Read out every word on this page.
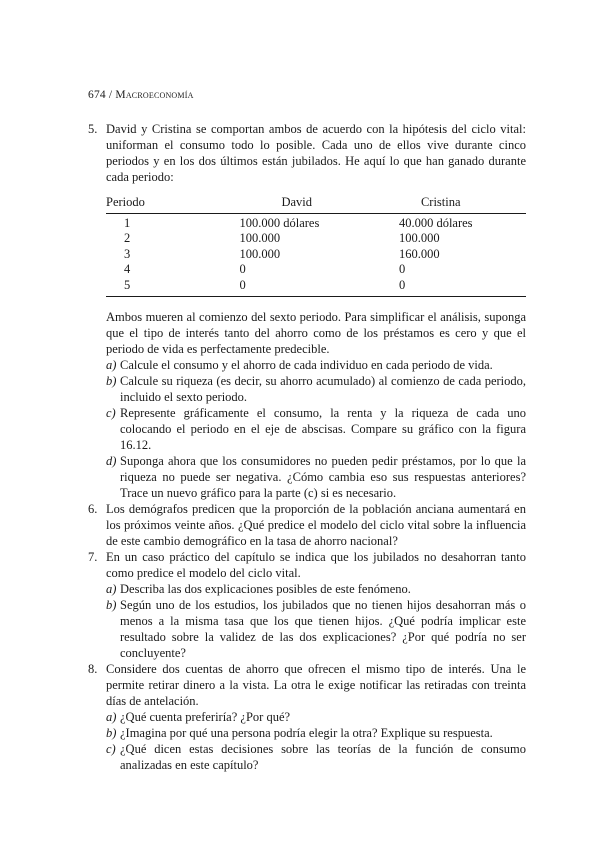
674 / Macroeconomía
5. David y Cristina se comportan ambos de acuerdo con la hipótesis del ciclo vital: uniforman el consumo todo lo posible. Cada uno de ellos vive durante cinco periodos y en los dos últimos están jubilados. He aquí lo que han ganado durante cada periodo:

Periodo	David	Cristina
1	100.000 dólares	40.000 dólares
2	100.000	100.000
3	100.000	160.000
4	0	0
5	0	0

Ambos mueren al comienzo del sexto periodo. Para simplificar el análisis, suponga que el tipo de interés tanto del ahorro como de los préstamos es cero y que el periodo de vida es perfectamente predecible.

a) Calcule el consumo y el ahorro de cada individuo en cada periodo de vida.
b) Calcule su riqueza (es decir, su ahorro acumulado) al comienzo de cada periodo, incluido el sexto periodo.
c) Represente gráficamente el consumo, la renta y la riqueza de cada uno colocando el periodo en el eje de abscisas. Compare su gráfico con la figura 16.12.
d) Suponga ahora que los consumidores no pueden pedir préstamos, por lo que la riqueza no puede ser negativa. ¿Cómo cambia eso sus respuestas anteriores? Trace un nuevo gráfico para la parte (c) si es necesario.
6. Los demógrafos predicen que la proporción de la población anciana aumentará en los próximos veinte años. ¿Qué predice el modelo del ciclo vital sobre la influencia de este cambio demográfico en la tasa de ahorro nacional?

7. En un caso práctico del capítulo se indica que los jubilados no desahorran tanto como predice el modelo del ciclo vital.

a) Describa las dos explicaciones posibles de este fenómeno.
b) Según uno de los estudios, los jubilados que no tienen hijos desahorran más o menos a la misma tasa que los que tienen hijos. ¿Qué podría implicar este resultado sobre la validez de las dos explicaciones? ¿Por qué podría no ser concluyente?
8. Considere dos cuentas de ahorro que ofrecen el mismo tipo de interés. Una le permite retirar dinero a la vista. La otra le exige notificar las retiradas con treinta días de antelación.

a) ¿Qué cuenta preferiría? ¿Por qué?
b) ¿Imagina por qué una persona podría elegir la otra? Explique su respuesta.
c) ¿Qué dicen estas decisiones sobre las teorías de la función de consumo analizadas en este capítulo?
